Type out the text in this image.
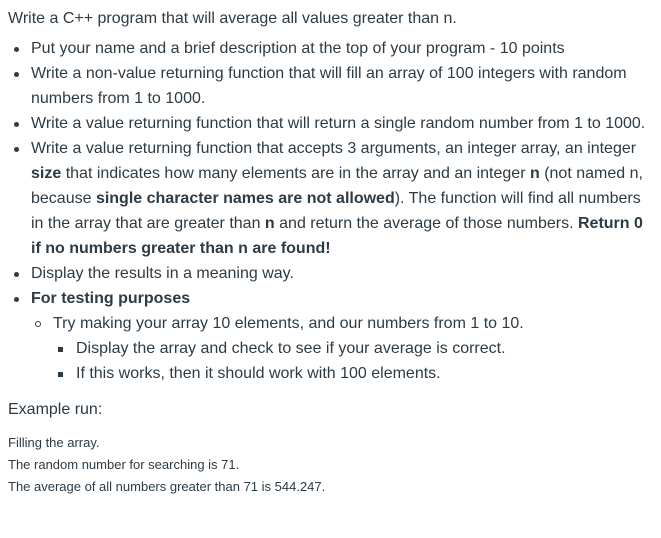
Write a C++ program that will average all values greater than n.
Put your name and a brief description at the top of your program - 10 points
Write a non-value returning function that will fill an array of 100 integers with random numbers from 1 to 1000.
Write a value returning function that will return a single random number from 1 to 1000.
Write a value returning function that accepts 3 arguments, an integer array, an integer size that indicates how many elements are in the array and an integer n (not named n, because single character names are not allowed). The function will find all numbers in the array that are greater than n and return the average of those numbers. Return 0 if no numbers greater than n are found!
Display the results in a meaning way.
For testing purposes
Try making your array 10 elements, and our numbers from 1 to 10.
Display the array and check to see if your average is correct.
If this works, then it should work with 100 elements.
Example run:
Filling the array.
The random number for searching is 71.
The average of all numbers greater than 71 is 544.247.
